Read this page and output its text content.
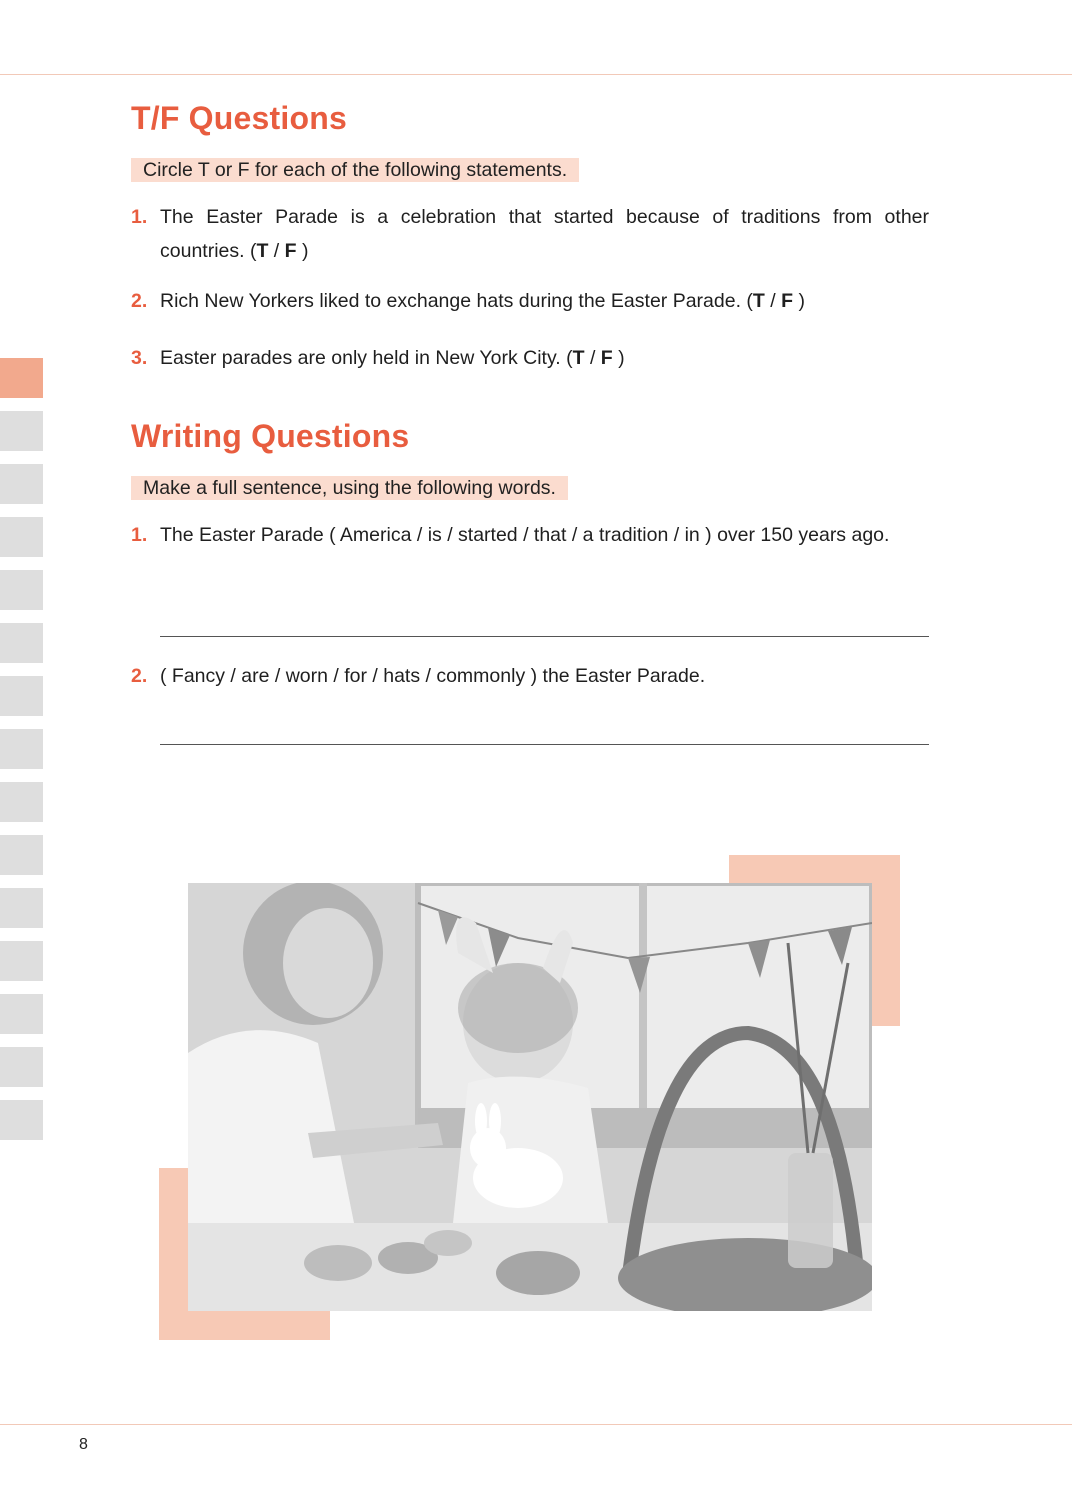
T/F Questions
Circle T or F for each of the following statements.
1. The Easter Parade is a celebration that started because of traditions from other countries. (T / F )
2. Rich New Yorkers liked to exchange hats during the Easter Parade. (T / F )
3. Easter parades are only held in New York City. (T / F )
Writing Questions
Make a full sentence, using the following words.
1. The Easter Parade ( America / is / started / that / a tradition / in ) over 150 years ago.
2. ( Fancy / are / worn / for / hats / commonly ) the Easter Parade.
8
